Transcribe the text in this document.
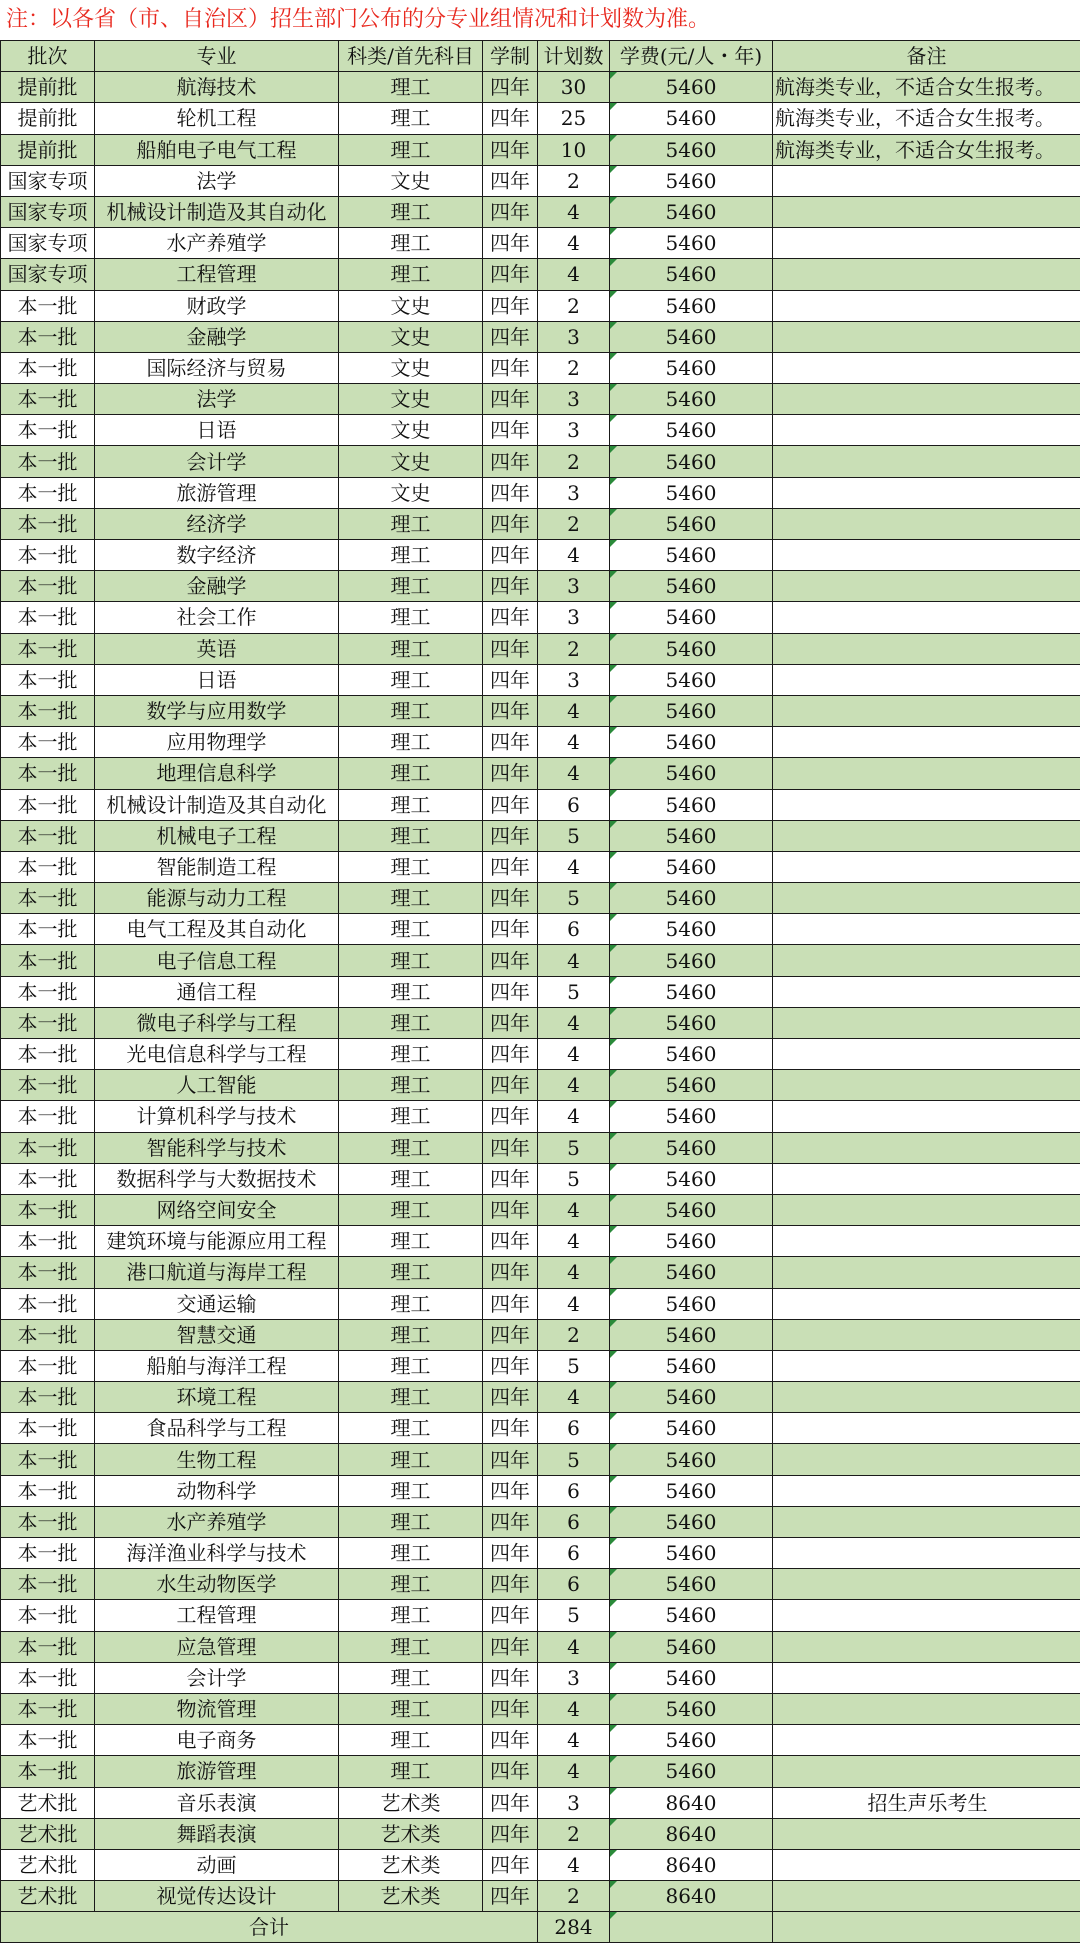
注：以各省（市、自治区）招生部门公布的分专业组情况和计划数为准。
批次	专业	科类/首先科目	学制	计划数	学费(元/人・年)	备注
提前批	航海技术	理工	四年	30	5460	航海类专业，不适合女生报考。
提前批	轮机工程	理工	四年	25	5460	航海类专业，不适合女生报考。
提前批	船舶电子电气工程	理工	四年	10	5460	航海类专业，不适合女生报考。
国家专项	法学	文史	四年	2	5460	
国家专项	机械设计制造及其自动化	理工	四年	4	5460	
国家专项	水产养殖学	理工	四年	4	5460	
国家专项	工程管理	理工	四年	4	5460	
本一批	财政学	文史	四年	2	5460	
本一批	金融学	文史	四年	3	5460	
本一批	国际经济与贸易	文史	四年	2	5460	
本一批	法学	文史	四年	3	5460	
本一批	日语	文史	四年	3	5460	
本一批	会计学	文史	四年	2	5460	
本一批	旅游管理	文史	四年	3	5460	
本一批	经济学	理工	四年	2	5460	
本一批	数字经济	理工	四年	4	5460	
本一批	金融学	理工	四年	3	5460	
本一批	社会工作	理工	四年	3	5460	
本一批	英语	理工	四年	2	5460	
本一批	日语	理工	四年	3	5460	
本一批	数学与应用数学	理工	四年	4	5460	
本一批	应用物理学	理工	四年	4	5460	
本一批	地理信息科学	理工	四年	4	5460	
本一批	机械设计制造及其自动化	理工	四年	6	5460	
本一批	机械电子工程	理工	四年	5	5460	
本一批	智能制造工程	理工	四年	4	5460	
本一批	能源与动力工程	理工	四年	5	5460	
本一批	电气工程及其自动化	理工	四年	6	5460	
本一批	电子信息工程	理工	四年	4	5460	
本一批	通信工程	理工	四年	5	5460	
本一批	微电子科学与工程	理工	四年	4	5460	
本一批	光电信息科学与工程	理工	四年	4	5460	
本一批	人工智能	理工	四年	4	5460	
本一批	计算机科学与技术	理工	四年	4	5460	
本一批	智能科学与技术	理工	四年	5	5460	
本一批	数据科学与大数据技术	理工	四年	5	5460	
本一批	网络空间安全	理工	四年	4	5460	
本一批	建筑环境与能源应用工程	理工	四年	4	5460	
本一批	港口航道与海岸工程	理工	四年	4	5460	
本一批	交通运输	理工	四年	4	5460	
本一批	智慧交通	理工	四年	2	5460	
本一批	船舶与海洋工程	理工	四年	5	5460	
本一批	环境工程	理工	四年	4	5460	
本一批	食品科学与工程	理工	四年	6	5460	
本一批	生物工程	理工	四年	5	5460	
本一批	动物科学	理工	四年	6	5460	
本一批	水产养殖学	理工	四年	6	5460	
本一批	海洋渔业科学与技术	理工	四年	6	5460	
本一批	水生动物医学	理工	四年	6	5460	
本一批	工程管理	理工	四年	5	5460	
本一批	应急管理	理工	四年	4	5460	
本一批	会计学	理工	四年	3	5460	
本一批	物流管理	理工	四年	4	5460	
本一批	电子商务	理工	四年	4	5460	
本一批	旅游管理	理工	四年	4	5460	
艺术批	音乐表演	艺术类	四年	3	8640	招生声乐考生
艺术批	舞蹈表演	艺术类	四年	2	8640	
艺术批	动画	艺术类	四年	4	8640	
艺术批	视觉传达设计	艺术类	四年	2	8640	
合计				284		
